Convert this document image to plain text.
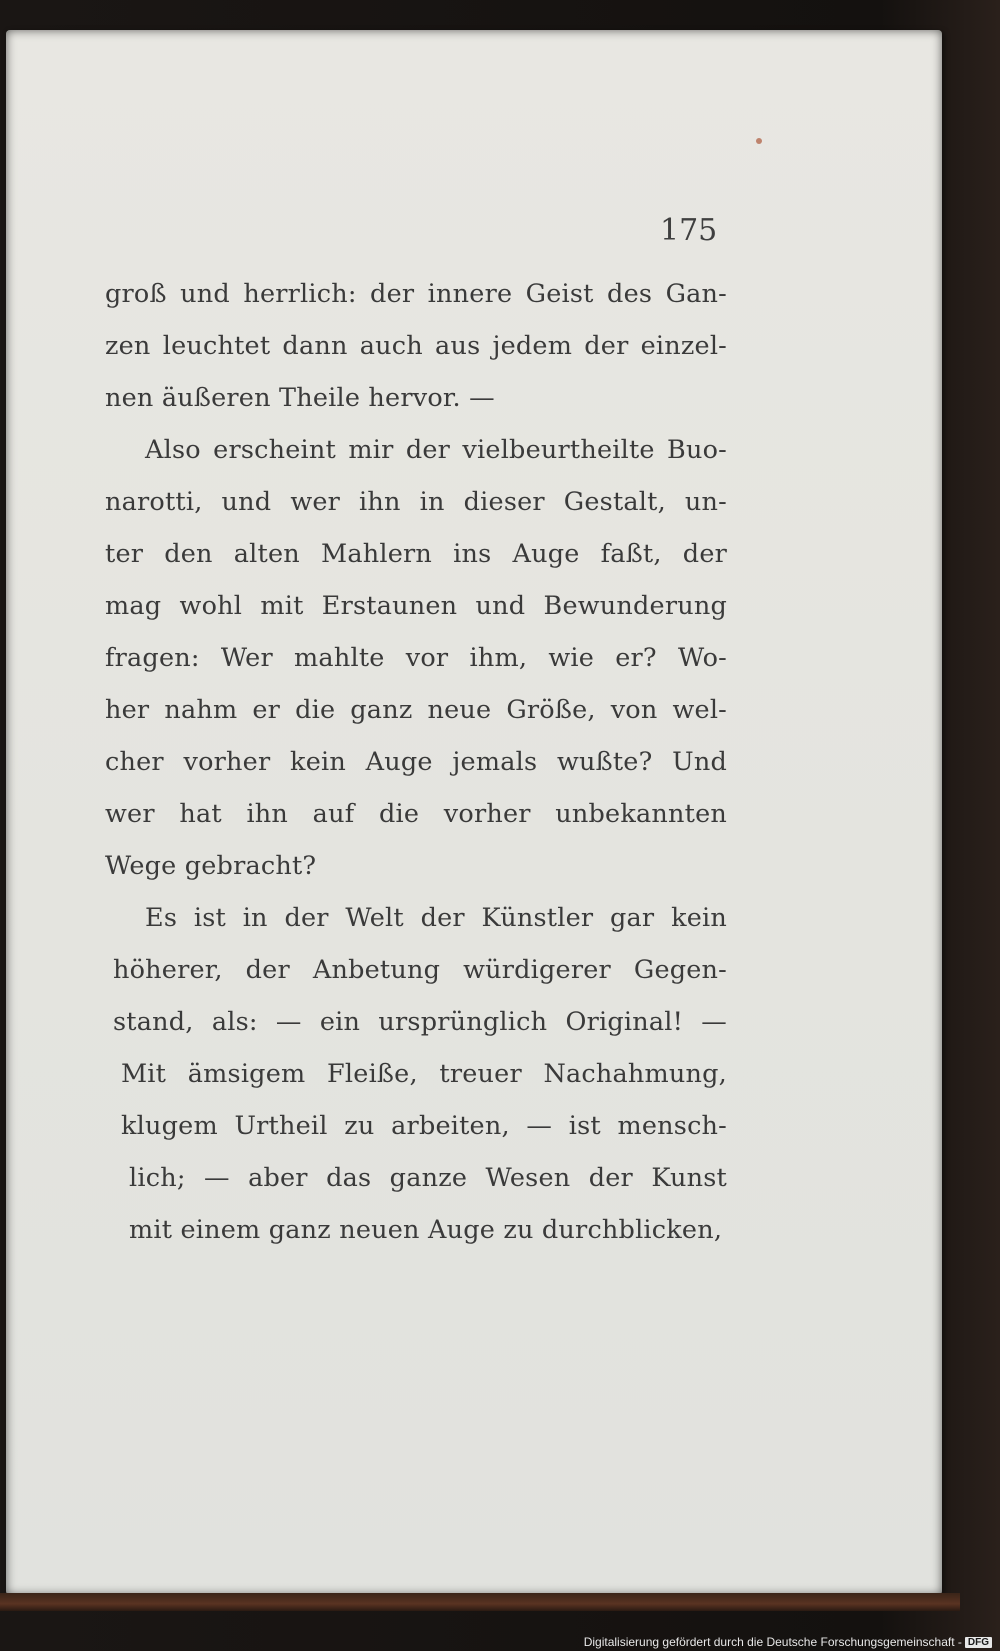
175
groß und herrlich: der innere Geist des Gan-
zen leuchtet dann auch aus jedem der einzel-
nen äußeren Theile hervor. —
Also erscheint mir der vielbeurtheilte Buo-
narotti, und wer ihn in dieser Gestalt, un-
ter den alten Mahlern ins Auge faßt, der
mag wohl mit Erstaunen und Bewunderung
fragen: Wer mahlte vor ihm, wie er? Wo-
her nahm er die ganz neue Größe, von wel-
cher vorher kein Auge jemals wußte? Und
wer hat ihn auf die vorher unbekannten
Wege gebracht?
Es ist in der Welt der Künstler gar kein
höherer, der Anbetung würdigerer Gegen-
stand, als: — ein ursprünglich Original! —
Mit ämsigem Fleiße, treuer Nachahmung,
klugem Urtheil zu arbeiten, — ist mensch-
lich; — aber das ganze Wesen der Kunst
mit einem ganz neuen Auge zu durchblicken,
Digitalisierung gefördert durch die Deutsche Forschungsgemeinschaft - DFG
